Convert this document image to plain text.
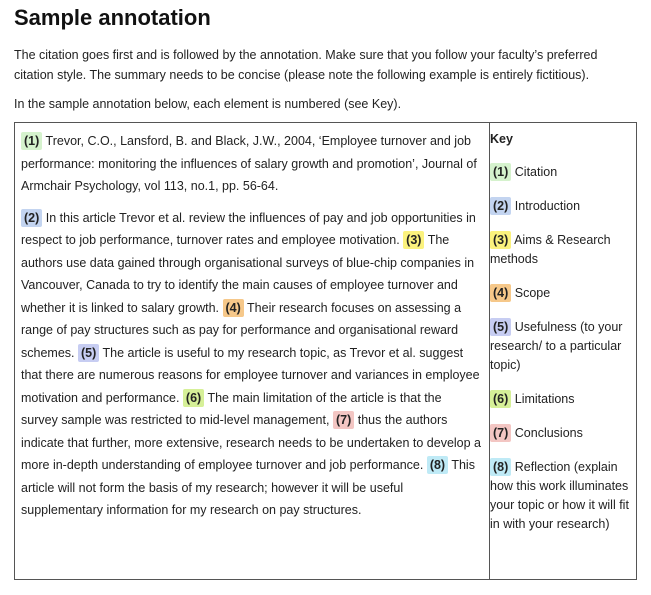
Sample annotation

The citation goes first and is followed by the annotation. Make sure that you follow your faculty’s preferred citation style. The summary needs to be concise (please note the following example is entirely fictitious).

In the sample annotation below, each element is numbered (see Key).

(1) Trevor, C.O., Lansford, B. and Black, J.W., 2004, ‘Employee turnover and job performance: monitoring the influences of salary growth and promotion’, Journal of Armchair Psychology, vol 113, no.1, pp. 56-64.

(2) In this article Trevor et al. review the influences of pay and job opportunities in respect to job performance, turnover rates and employee motivation. (3) The authors use data gained through organisational surveys of blue-chip companies in Vancouver, Canada to try to identify the main causes of employee turnover and whether it is linked to salary growth. (4) Their research focuses on assessing a range of pay structures such as pay for performance and organisational reward schemes. (5) The article is useful to my research topic, as Trevor et al. suggest that there are numerous reasons for employee turnover and variances in employee motivation and performance. (6) The main limitation of the article is that the survey sample was restricted to mid-level management, (7) thus the authors indicate that further, more extensive, research needs to be undertaken to develop a more in-depth understanding of employee turnover and job performance. (8) This article will not form the basis of my research; however it will be useful supplementary information for my research on pay structures.

Key

(1) Citation

(2) Introduction

(3) Aims & Research methods

(4) Scope

(5) Usefulness (to your research/ to a particular topic)

(6) Limitations

(7) Conclusions

(8) Reflection (explain how this work illuminates your topic or how it will fit in with your research)
